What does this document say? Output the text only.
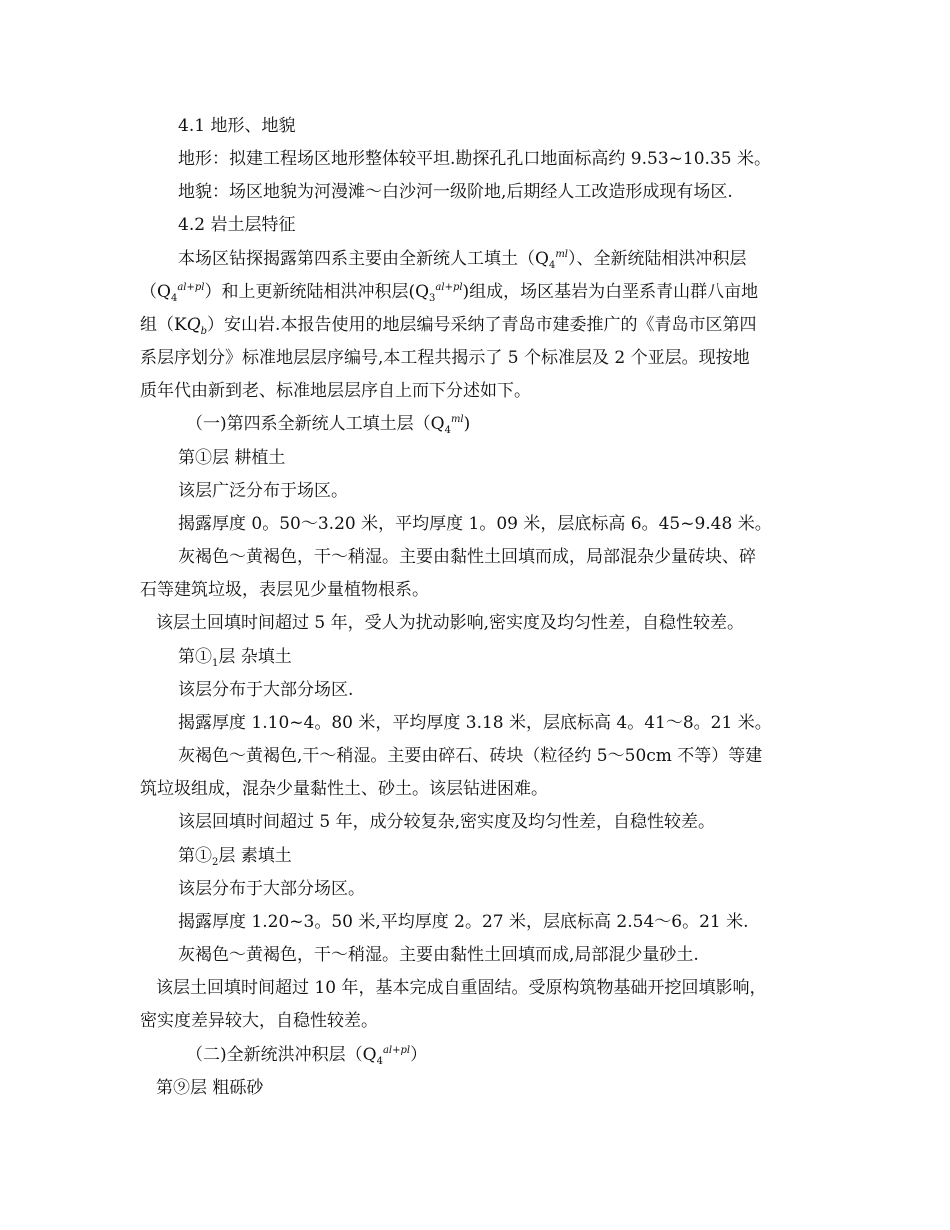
4.1 地形、地貌
地形：拟建工程场区地形整体较平坦.勘探孔孔口地面标高约 9.53~10.35 米。
地貌：场区地貌为河漫滩～白沙河一级阶地,后期经人工改造形成现有场区.
4.2 岩土层特征
本场区钻探揭露第四系主要由全新统人工填土$(Q_4^{ml})$、全新统陆相洪冲积层
$(Q_4^{al+pl})$和上更新统陆相洪冲积层$(Q_3^{al+pl})$组成，场区基岩为白垩系青山群八亩地
组$(KQ_b)$安山岩.本报告使用的地层编号采纳了青岛市建委推广的《青岛市区第四
系层序划分》标准地层层序编号,本工程共揭示了 5 个标准层及 2 个亚层。现按地
质年代由新到老、标准地层层序自上而下分述如下。
（一)第四系全新统人工填土层$(Q_4^{ml})$
第①层 耕植土
该层广泛分布于场区。
揭露厚度 0。50～3.20 米，平均厚度 1。09 米，层底标高 6。45~9.48 米。
灰褐色～黄褐色，干～稍湿。主要由黏性土回填而成，局部混杂少量砖块、碎
石等建筑垃圾，表层见少量植物根系。
该层土回填时间超过 5 年，受人为扰动影响,密实度及均匀性差，自稳性较差。
第$①_1$层 杂填土
该层分布于大部分场区.
揭露厚度 1.10~4。80 米，平均厚度 3.18 米，层底标高 4。41～8。21 米。
灰褐色～黄褐色,干～稍湿。主要由碎石、砖块（粒径约 5～50cm 不等）等建
筑垃圾组成，混杂少量黏性土、砂土。该层钻进困难。
该层回填时间超过 5 年，成分较复杂,密实度及均匀性差，自稳性较差。
第$①_2$层 素填土
该层分布于大部分场区。
揭露厚度 1.20~3。50 米,平均厚度 2。27 米，层底标高 2.54～6。21 米.
灰褐色～黄褐色，干～稍湿。主要由黏性土回填而成,局部混少量砂土.
该层土回填时间超过 10 年，基本完成自重固结。受原构筑物基础开挖回填影响，
密实度差异较大，自稳性较差。
（二)全新统洪冲积层$(Q_4^{al+pl})$
第⑨层 粗砾砂
